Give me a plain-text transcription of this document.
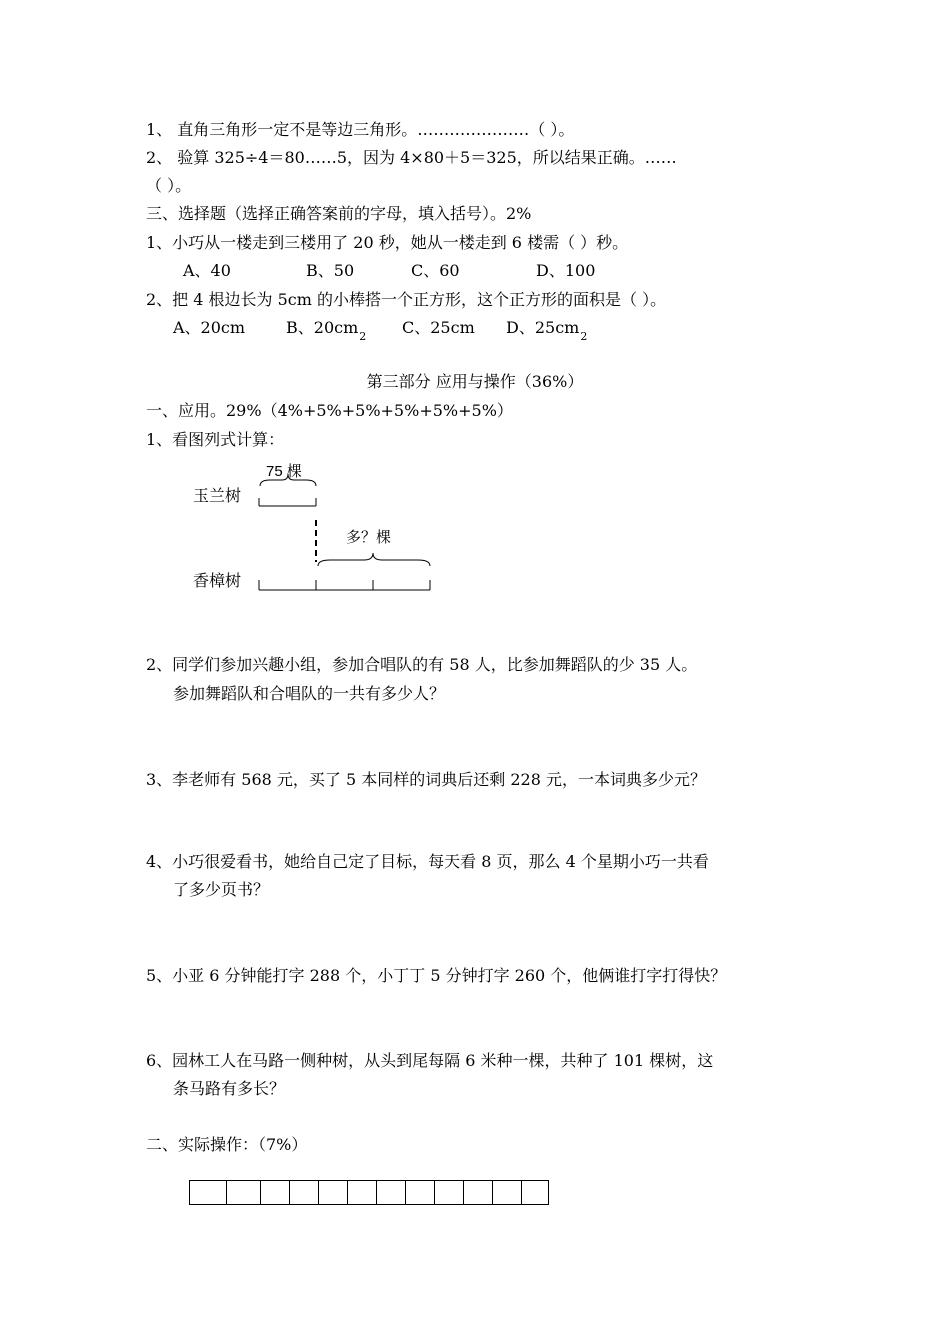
1、 直角三角形一定不是等边三角形。…………………（ ）。
2、 验算 325÷4＝80……5，因为 4×80＋5＝325，所以结果正确。……
（ ）。
三、选择题（选择正确答案前的字母，填入括号）。2%
1、小巧从一楼走到三楼用了 20 秒，她从一楼走到 6 楼需（ ）秒。
A、40	B、50	C、60	D、100
2、把 4 根边长为 5cm 的小棒搭一个正方形，这个正方形的面积是（ ）。
A、20cm	B、$20cm_2$ C、25cm D、$25cm_2$
第三部分 应用与操作（36%）
一、应用。29%（4%+5%+5%+5%+5%+5%）
1、看图列式计算：
75 棵
玉兰树
多？棵
香樟树
2、同学们参加兴趣小组，参加合唱队的有 58 人，比参加舞蹈队的少 35 人。
参加舞蹈队和合唱队的一共有多少人？
3、李老师有 568 元，买了 5 本同样的词典后还剩 228 元，一本词典多少元？
4、小巧很爱看书，她给自己定了目标，每天看 8 页，那么 4 个星期小巧一共看
了多少页书？
5、小亚 6 分钟能打字 288 个，小丁丁 5 分钟打字 260 个，他俩谁打字打得快？
6、园林工人在马路一侧种树，从头到尾每隔 6 米种一棵，共种了 101 棵树，这
条马路有多长？
二、实际操作：（7%）
